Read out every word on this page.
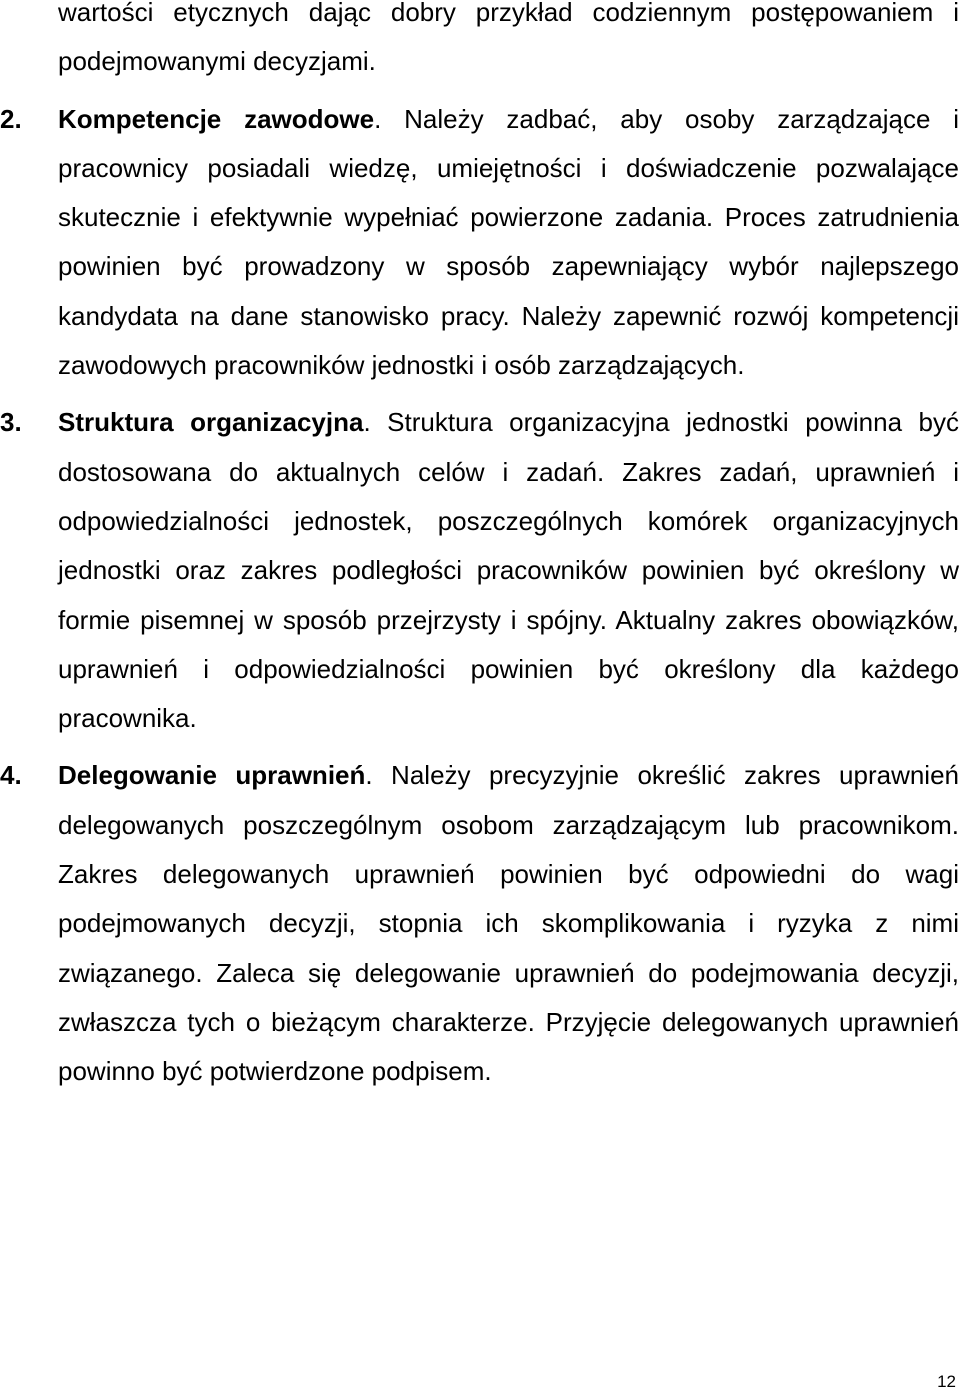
wartości etycznych dając dobry przykład codziennym postępowaniem i podejmowanymi decyzjami.

2. Kompetencje zawodowe. Należy zadbać, aby osoby zarządzające i pracownicy posiadali wiedzę, umiejętności i doświadczenie pozwalające skutecznie i efektywnie wypełniać powierzone zadania. Proces zatrudnienia powinien być prowadzony w sposób zapewniający wybór najlepszego kandydata na dane stanowisko pracy. Należy zapewnić rozwój kompetencji zawodowych pracowników jednostki i osób zarządzających.

3. Struktura organizacyjna. Struktura organizacyjna jednostki powinna być dostosowana do aktualnych celów i zadań. Zakres zadań, uprawnień i odpowiedzialności jednostek, poszczególnych komórek organizacyjnych jednostki oraz zakres podległości pracowników powinien być określony w formie pisemnej w sposób przejrzysty i spójny. Aktualny zakres obowiązków, uprawnień i odpowiedzialności powinien być określony dla każdego pracownika.

4. Delegowanie uprawnień. Należy precyzyjnie określić zakres uprawnień delegowanych poszczególnym osobom zarządzającym lub pracownikom. Zakres delegowanych uprawnień powinien być odpowiedni do wagi podejmowanych decyzji, stopnia ich skomplikowania i ryzyka z nimi związanego. Zaleca się delegowanie uprawnień do podejmowania decyzji, zwłaszcza tych o bieżącym charakterze. Przyjęcie delegowanych uprawnień powinno być potwierdzone podpisem.

12
